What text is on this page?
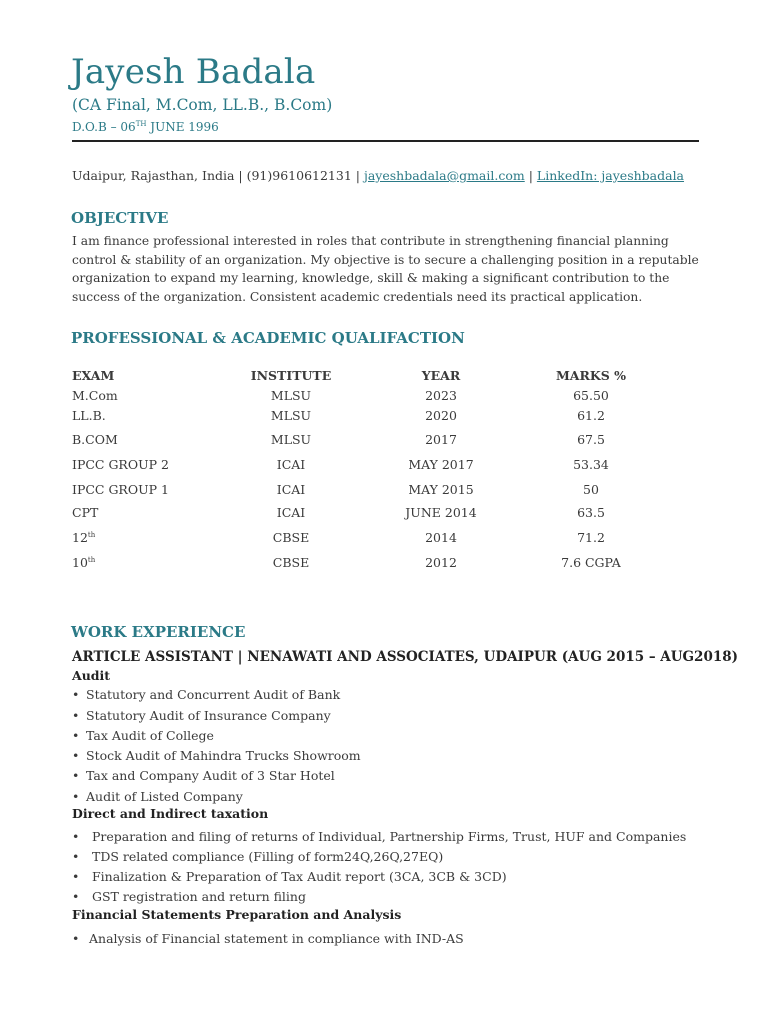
Jayesh Badala
(CA Final, M.Com, LL.B., B.Com)
D.O.B – 06TH JUNE 1996
Udaipur, Rajasthan, India | (91)9610612131 | jayeshbadala@gmail.com | LinkedIn: jayeshbadala
OBJECTIVE
I am finance professional interested in roles that contribute in strengthening financial planning control & stability of an organization. My objective is to secure a challenging position in a reputable organization to expand my learning, knowledge, skill & making a significant contribution to the success of the organization. Consistent academic credentials need its practical application.
PROFESSIONAL & ACADEMIC QUALIFACTION
EXAM	INSTITUTE	YEAR	MARKS %
M.Com	MLSU	2023	65.50
LL.B.	MLSU	2020	61.2
B.COM	MLSU	2017	67.5
IPCC GROUP 2	ICAI	MAY 2017	53.34
IPCC GROUP 1	ICAI	MAY 2015	50
CPT	ICAI	JUNE 2014	63.5
12th	CBSE	2014	71.2
10th	CBSE	2012	7.6 CGPA
WORK EXPERIENCE
ARTICLE ASSISTANT | NENAWATI AND ASSOCIATES, UDAIPUR (AUG 2015 – AUG2018)
Audit
• Statutory and Concurrent Audit of Bank
• Statutory Audit of Insurance Company
• Tax Audit of College
• Stock Audit of Mahindra Trucks Showroom
• Tax and Company Audit of 3 Star Hotel
• Audit of Listed Company
Direct and Indirect taxation
• Preparation and filing of returns of Individual, Partnership Firms, Trust, HUF and Companies
• TDS related compliance (Filling of form24Q,26Q,27EQ)
• Finalization & Preparation of Tax Audit report (3CA, 3CB & 3CD)
• GST registration and return filing
Financial Statements Preparation and Analysis
• Analysis of Financial statement in compliance with IND-AS
